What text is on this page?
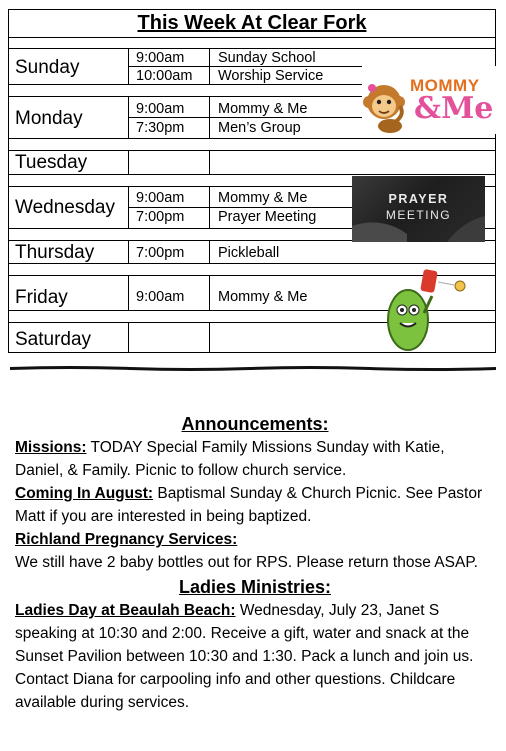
This Week At Clear Fork
Sunday	9:00am Sunday School
10:00am Worship Service
Monday	9:00am Mommy & Me
7:30pm Men’s Group
Tuesday
Wednesday 9:00am Mommy & Me
7:00pm Prayer Meeting
Thursday	7:00pm Pickleball
Friday	9:00am Mommy & Me
Saturday
MOMMY
&Me
PRAYER
MEETING
Announcements:

Missions: TODAY Special Family Missions Sunday with Katie, Daniel, & Family. Picnic to follow church service.

Coming In August: Baptismal Sunday & Church Picnic. See Pastor Matt if you are interested in being baptized.

Richland Pregnancy Services:

We still have 2 baby bottles out for RPS. Please return those ASAP.

Ladies Ministries:

Ladies Day at Beaulah Beach: Wednesday, July 23, Janet S speaking at 10:30 and 2:00. Receive a gift, water and snack at the Sunset Pavilion between 10:30 and 1:30. Pack a lunch and join us. Contact Diana for carpooling info and other questions. Childcare available during services.
